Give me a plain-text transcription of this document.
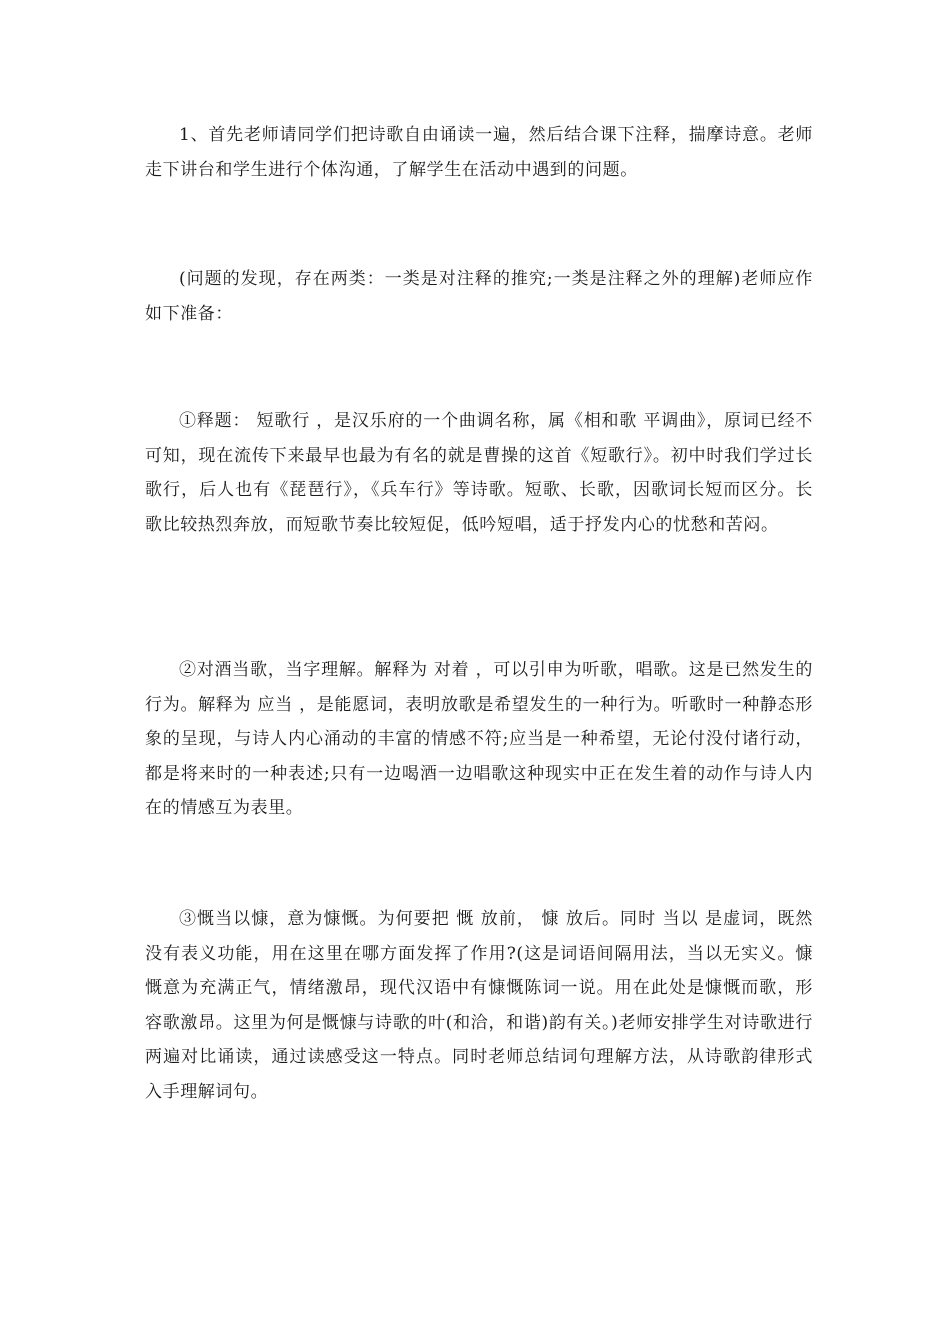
1、首先老师请同学们把诗歌自由诵读一遍，然后结合课下注释，揣摩诗意。老师走下讲台和学生进行个体沟通，了解学生在活动中遇到的问题。

(问题的发现，存在两类：一类是对注释的推究;一类是注释之外的理解)老师应作如下准备：

①释题： 短歌行 ，是汉乐府的一个曲调名称，属《相和歌 平调曲》，原词已经不可知，现在流传下来最早也最为有名的就是曹操的这首《短歌行》。初中时我们学过长歌行，后人也有《琵琶行》，《兵车行》等诗歌。短歌、长歌，因歌词长短而区分。长歌比较热烈奔放，而短歌节奏比较短促，低吟短唱，适于抒发内心的忧愁和苦闷。

②对酒当歌，当字理解。解释为 对着 ，可以引申为听歌，唱歌。这是已然发生的行为。解释为 应当 ，是能愿词，表明放歌是希望发生的一种行为。听歌时一种静态形象的呈现，与诗人内心涌动的丰富的情感不符;应当是一种希望，无论付没付诸行动，都是将来时的一种表述;只有一边喝酒一边唱歌这种现实中正在发生着的动作与诗人内在的情感互为表里。

③慨当以慷，意为慷慨。为何要把 慨 放前， 慷 放后。同时 当以 是虚词，既然没有表义功能，用在这里在哪方面发挥了作用?(这是词语间隔用法，当以无实义。慷慨意为充满正气，情绪激昂，现代汉语中有慷慨陈词一说。用在此处是慷慨而歌，形容歌激昂。这里为何是慨慷与诗歌的叶(和洽，和谐)韵有关。)老师安排学生对诗歌进行两遍对比诵读，通过读感受这一特点。同时老师总结词句理解方法，从诗歌韵律形式入手理解词句。
